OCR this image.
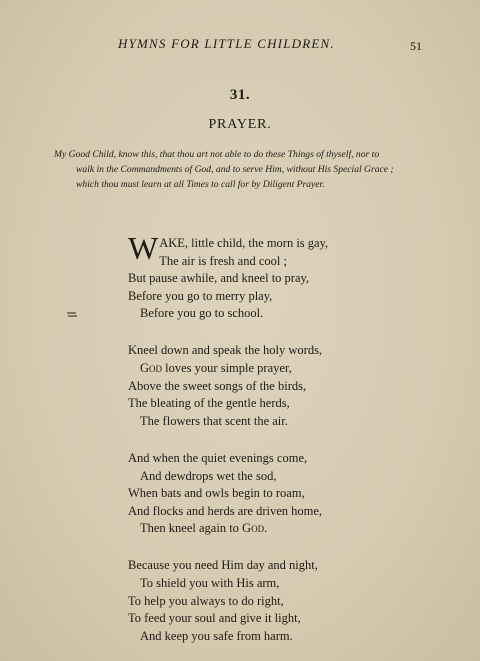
HYMNS FOR LITTLE CHILDREN.	51
31.
PRAYER.
My Good Child, know this, that thou art not able to do these Things of thyself, nor to
walk in the Commandments of God, and to serve Him, without His Special Grace ;
which thou must learn at all Times to call for by Diligent Prayer.
WAKE, little child, the morn is gay,
The air is fresh and cool ;
But pause awhile, and kneel to pray,
Before you go to merry play,
Before you go to school.
Kneel down and speak the holy words,
God loves your simple prayer,
Above the sweet songs of the birds,
The bleating of the gentle herds,
The flowers that scent the air.
And when the quiet evenings come,
And dewdrops wet the sod,
When bats and owls begin to roam,
And flocks and herds are driven home,
Then kneel again to God.
Because you need Him day and night,
To shield you with His arm,
To help you always to do right,
To feed your soul and give it light,
And keep you safe from harm.
